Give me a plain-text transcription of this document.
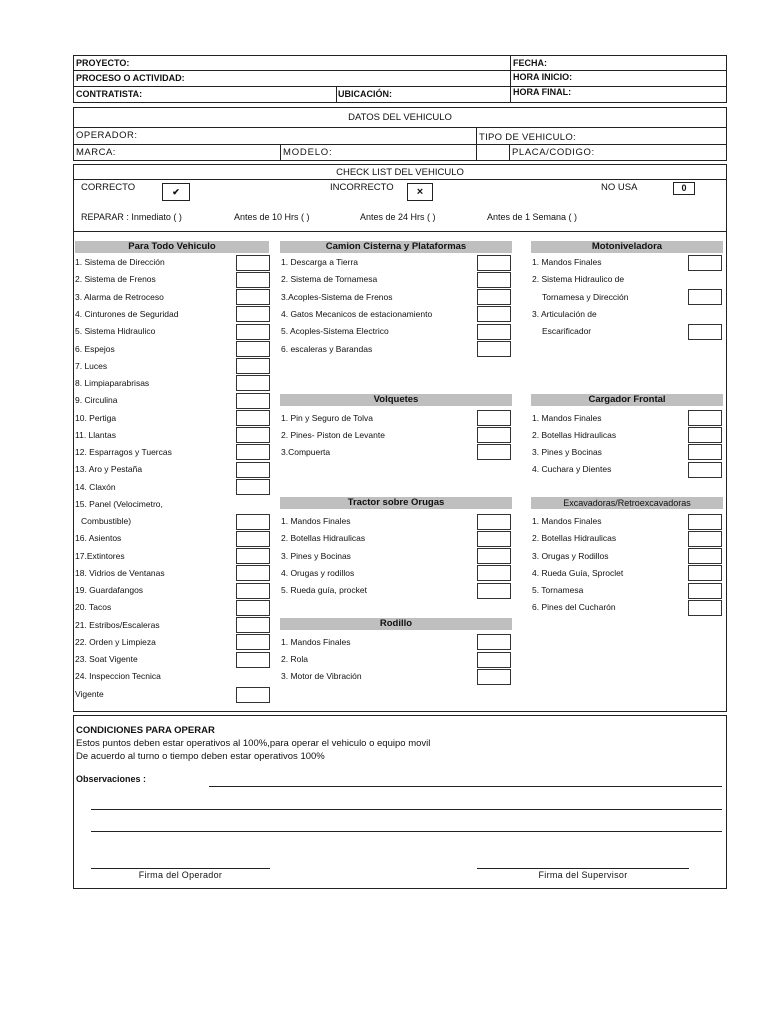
PROYECTO:
PROCESO O ACTIVIDAD:
CONTRATISTA:	UBICACIÓN:
FECHA:
HORA INICIO:
HORA FINAL:
DATOS DEL VEHICULO
OPERADOR:	TIPO DE VEHICULO:
MARCA:	MODELO:	PLACA/CODIGO:
CHECK LIST DEL VEHICULO
CORRECTO	✔	INCORRECTO	×	NO USA	0
REPARAR : Inmediato ( )	Antes de 10 Hrs ( )	Antes de 24 Hrs ( )	Antes de 1 Semana ( )
Para Todo Vehiculo	Camion Cisterna y Plataformas	Motoniveladora
Volquetes	Cargador Frontal
Tractor sobre Orugas	Excavadoras/Retroexcavadoras
Rodillo
1. Sistema de Dirección
2. Sistema de Frenos
3. Alarma de Retroceso
4. Cinturones de Seguridad
5. Sistema Hidraulico
6. Espejos
7. Luces
8. Limpiaparabrisas
9. Circulina
10. Pertiga
11. Llantas
12. Esparragos y Tuercas
13. Aro y Pestaña
14. Claxón
15. Panel (Velocimetro,
Combustible)
16. Asientos
17.Extintores
18. Vidrios de Ventanas
19. Guardafangos
20. Tacos
21. Estribos/Escaleras
22. Orden y Limpieza
23. Soat Vigente
24. Inspeccion Tecnica
Vigente
1. Descarga a Tierra
2. Sistema de Tornamesa
3.Acoples-Sistema de Frenos
4. Gatos Mecanicos de estacionamiento
5. Acoples-Sistema Electrico
6. escaleras y Barandas
1. Pin y Seguro de Tolva
2. Pines- Piston de Levante
3.Compuerta
1. Mandos Finales
2. Botellas Hidraulicas
3. Pines y Bocinas
4. Orugas y rodillos
5. Rueda guía, procket
1. Mandos Finales
2. Rola
3. Motor de Vibración
1. Mandos Finales
2. Sistema Hidraulico de
Tornamesa y Dirección
3. Articulación de
Escarificador
1. Mandos Finales
2. Botellas Hidraulicas
3. Pines y Bocinas
4. Cuchara y Dientes
1. Mandos Finales
2. Botellas Hidraulicas
3. Orugas y Rodillos
4. Rueda Guía, Sproclet
5. Tornamesa
6. Pines del Cucharón
CONDICIONES PARA OPERAR
Estos puntos deben estar operativos al 100%,para operar el vehiculo o equipo movil
De acuerdo al turno o tiempo deben estar operativos 100%
Observaciones :
Firma del Operador	Firma del Supervisor
